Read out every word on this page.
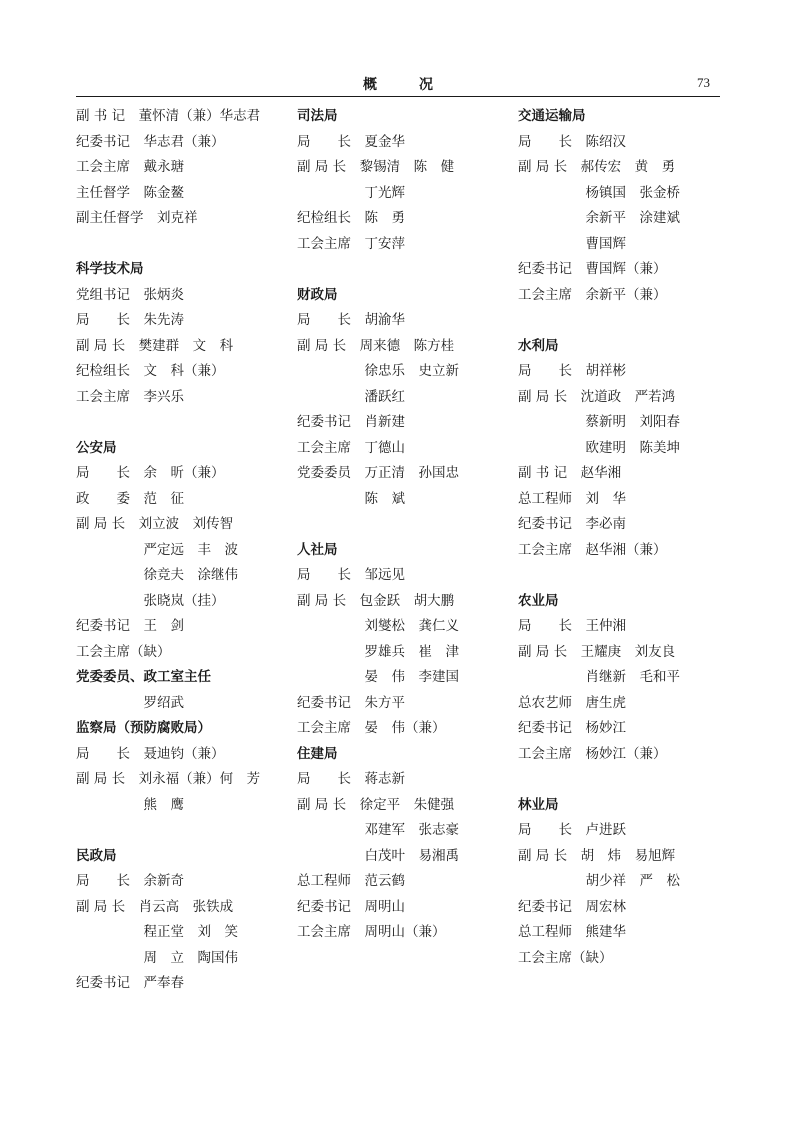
概　况	73
副 书 记　董怀清（兼）华志君
纪委书记　华志君（兼）
工会主席　戴永瑭
主任督学　陈金鳌
副主任督学　刘克祥
科学技术局
党组书记　张炳炎
局　　长　朱先涛
副 局 长　樊建群　文　科
纪检组长　文　科（兼）
工会主席　李兴乐
公安局
局　　长　余　昕（兼）
政　　委　范　征
副 局 长　刘立波　刘传智
　　　　　严定远　丰　波
　　　　　徐竞夫　涂继伟
　　　　　张晓岚（挂）
纪委书记　王　剑
工会主席（缺）
党委委员、政工室主任
　　　　　罗绍武
监察局（预防腐败局）
局　　长　聂迪钧（兼）
副 局 长　刘永福（兼）何　芳
　　　　　熊　鹰
民政局
局　　长　余新奇
副 局 长　肖云高　张铁成
　　　　　程正堂　刘　笑
　　　　　周　立　陶国伟
纪委书记　严奉春
司法局
局　　长　夏金华
副 局 长　黎锡清　陈　健
　　　　　丁光辉
纪检组长　陈　勇
工会主席　丁安萍
财政局
局　　长　胡渝华
副 局 长　周来德　陈方桂
　　　　　徐忠乐　史立新
　　　　　潘跃红
纪委书记　肖新建
工会主席　丁德山
党委委员　万正清　孙国忠
　　　　　陈　斌
人社局
局　　长　邹远见
副 局 长　包金跃　胡大鹏
　　　　　刘燮松　龚仁义
　　　　　罗雄兵　崔　津
　　　　　晏　伟　李建国
纪委书记　朱方平
工会主席　晏　伟（兼）
住建局
局　　长　蒋志新
副 局 长　徐定平　朱健强
　　　　　邓建军　张志豪
　　　　　白茂叶　易湘禹
总工程师　范云鹤
纪委书记　周明山
工会主席　周明山（兼）
交通运输局
局　　长　陈绍汉
副 局 长　郝传宏　黄　勇
　　　　　杨镇国　张金桥
　　　　　余新平　涂建斌
　　　　　曹国辉
纪委书记　曹国辉（兼）
工会主席　余新平（兼）
水利局
局　　长　胡祥彬
副 局 长　沈道政　严若鸿
　　　　　蔡新明　刘阳春
　　　　　欧建明　陈美坤
副 书 记　赵华湘
总工程师　刘　华
纪委书记　李必南
工会主席　赵华湘（兼）
农业局
局　　长　王仲湘
副 局 长　王耀庚　刘友良
　　　　　肖继新　毛和平
总农艺师　唐生虎
纪委书记　杨妙江
工会主席　杨妙江（兼）
林业局
局　　长　卢进跃
副 局 长　胡　炜　易旭辉
　　　　　胡少祥　严　松
纪委书记　周宏林
总工程师　熊建华
工会主席（缺）
